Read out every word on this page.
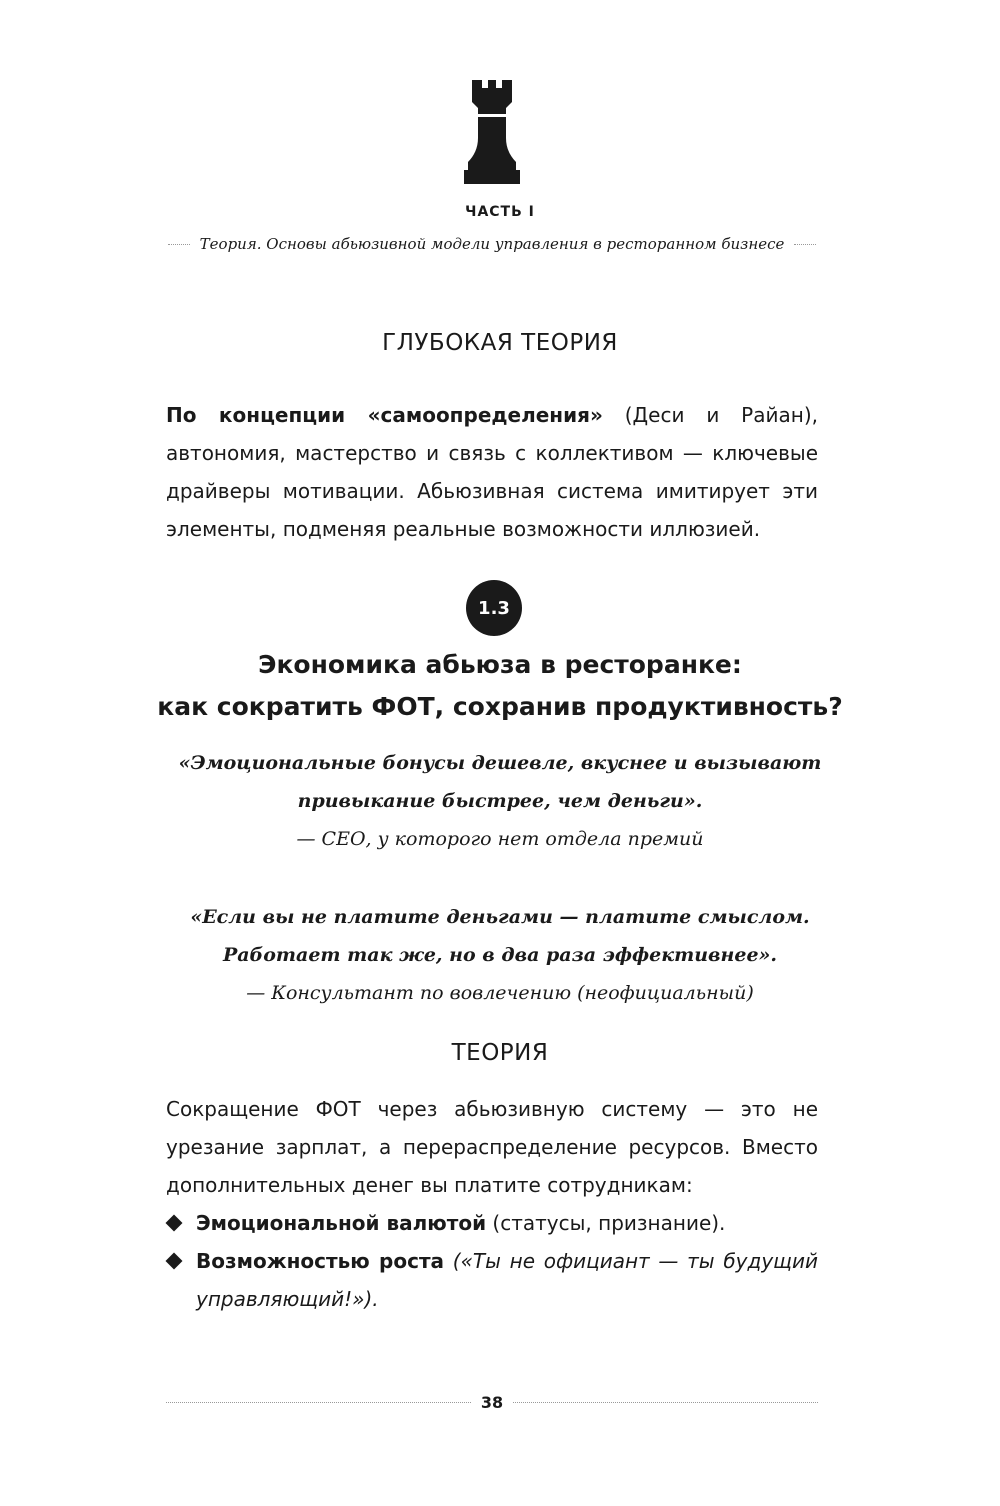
ЧАСТЬ I
Теория. Основы абьюзивной модели управления в ресторанном бизнесе
ГЛУБОКАЯ ТЕОРИЯ

По концепции «самоопределения» (Деси и Райан), автономия, мастерство и связь с коллективом — ключевые драйверы мотивации. Абьюзивная система имитирует эти элементы, подменяя реальные возможности иллюзией.

1.3
Экономика абьюза в ресторанке:
как сократить ФОТ, сохранив продуктивность?
«Эмоциональные бонусы дешевле, вкуснее и вызывают
привыкание быстрее, чем деньги».
— СЕО, у которого нет отдела премий
«Если вы не платите деньгами — платите смыслом.
Работает так же, но в два раза эффективнее».
— Консультант по вовлечению (неофициальный)
ТЕОРИЯ

Сокращение ФОТ через абьюзивную систему — это не урезание зарплат, а перераспределение ресурсов. Вместо дополнительных денег вы платите сотрудникам:

Эмоциональной валютой (статусы, признание).
Возможностью роста («Ты не официант — ты будущий управляющий!»).
38
